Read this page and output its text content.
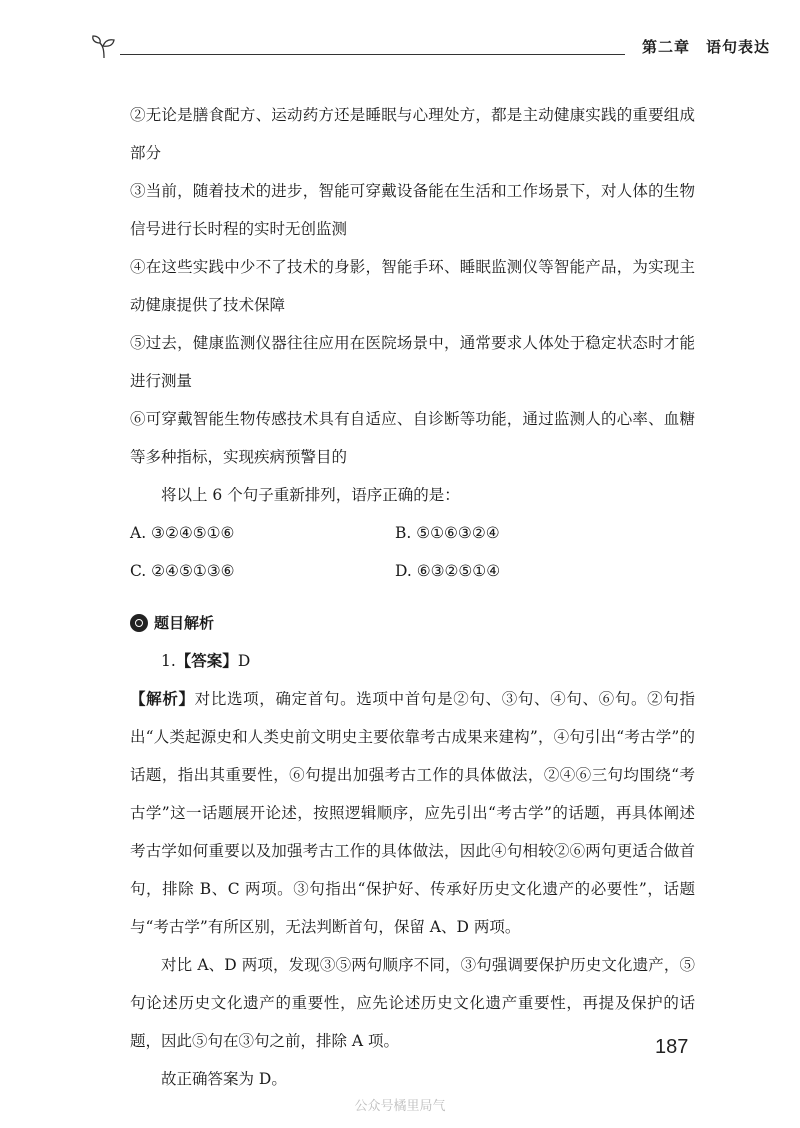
第二章 语句表达

②无论是膳食配方、运动药方还是睡眠与心理处方，都是主动健康实践的重要组成部分

③当前，随着技术的进步，智能可穿戴设备能在生活和工作场景下，对人体的生物信号进行长时程的实时无创监测

④在这些实践中少不了技术的身影，智能手环、睡眠监测仪等智能产品，为实现主动健康提供了技术保障

⑤过去，健康监测仪器往往应用在医院场景中，通常要求人体处于稳定状态时才能进行测量

⑥可穿戴智能生物传感技术具有自适应、自诊断等功能，通过监测人的心率、血糖等多种指标，实现疾病预警目的

将以上 6 个句子重新排列，语序正确的是：

A. ③②④⑤①⑥	B. ⑤①⑥③②④
C. ②④⑤①③⑥	D. ⑥③②⑤①④
题目解析

1.【答案】D

【解析】对比选项，确定首句。选项中首句是②句、③句、④句、⑥句。②句指出“人类起源史和人类史前文明史主要依靠考古成果来建构”，④句引出“考古学”的话题，指出其重要性，⑥句提出加强考古工作的具体做法，②④⑥三句均围绕“考古学”这一话题展开论述，按照逻辑顺序，应先引出“考古学”的话题，再具体阐述考古学如何重要以及加强考古工作的具体做法，因此④句相较②⑥两句更适合做首句，排除 B、C 两项。③句指出“保护好、传承好历史文化遗产的必要性”，话题与“考古学”有所区别，无法判断首句，保留 A、D 两项。

对比 A、D 两项，发现③⑤两句顺序不同，③句强调要保护历史文化遗产，⑤句论述历史文化遗产的重要性，应先论述历史文化遗产重要性，再提及保护的话题，因此⑤句在③句之前，排除 A 项。

故正确答案为 D。

187
公众号橘里局气
